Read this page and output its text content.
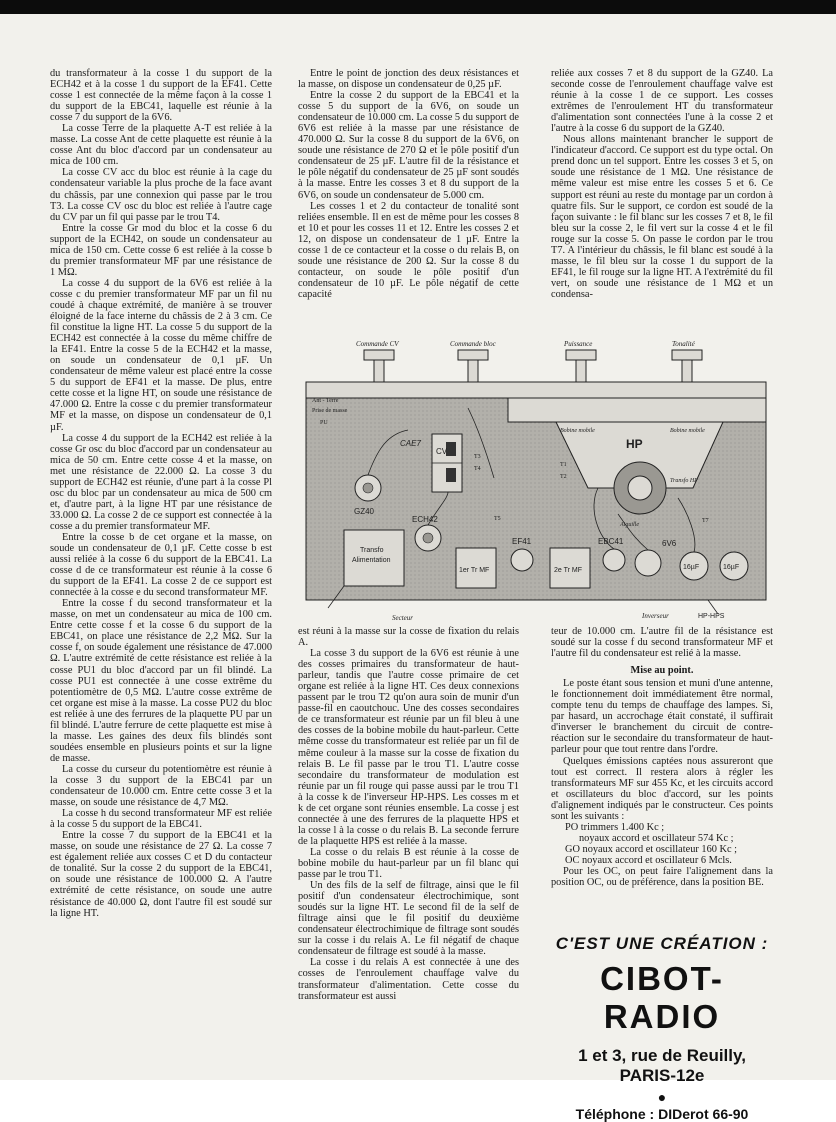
du transformateur à la cosse 1 du support de la ECH42 et à la cosse 1 du support de la EF41. Cette cosse 1 est connectée de la même façon à la cosse 1 du support de la EBC41, laquelle est réunie à la cosse 7 du support de la 6V6.

La cosse Terre de la plaquette A-T est reliée à la masse. La cosse Ant de cette plaquette est réunie à la cosse Ant du bloc d'accord par un condensateur au mica de 100 cm.

La cosse CV acc du bloc est réunie à la cage du condensateur variable la plus proche de la face avant du châssis, par une connexion qui passe par le trou T3. La cosse CV osc du bloc est reliée à l'autre cage du CV par un fil qui passe par le trou T4.

Entre la cosse Gr mod du bloc et la cosse 6 du support de la ECH42, on soude un condensateur au mica de 150 cm. Cette cosse 6 est reliée à la cosse b du premier transformateur MF par une résistance de 1 MΩ.

La cosse 4 du support de la 6V6 est reliée à la cosse c du premier transformateur MF par un fil nu coudé à chaque extrémité, de manière à se trouver éloigné de la face interne du châssis de 2 à 3 cm. Ce fil constitue la ligne HT. La cosse 5 du support de la ECH42 est connectée à la cosse du même chiffre de la EF41. Entre la cosse 5 de la ECH42 et la masse, on soude un condensateur de 0,1 µF. Un condensateur de même valeur est placé entre la cosse 5 du support de EF41 et la masse. De plus, entre cette cosse et la ligne HT, on soude une résistance de 47.000 Ω. Entre la cosse c du premier transformateur MF et la masse, on dispose un condensateur de 0,1 µF.

La cosse 4 du support de la ECH42 est reliée à la cosse Gr osc du bloc d'accord par un condensateur au mica de 50 cm. Entre cette cosse 4 et la masse, on met une résistance de 22.000 Ω. La cosse 3 du support de ECH42 est réunie, d'une part à la cosse Pl osc du bloc par un condensateur au mica de 500 cm et, d'autre part, à la ligne HT par une résistance de 33.000 Ω. La cosse 2 de ce support est connectée à la cosse a du premier transformateur MF.

Entre la cosse b de cet organe et la masse, on soude un condensateur de 0,1 µF. Cette cosse b est aussi reliée à la cosse 6 du support de la EBC41. La cosse d de ce transformateur est réunie à la cosse 6 du support de la EF41. La cosse 2 de ce support est connectée à la cosse e du second transformateur MF.

Entre la cosse f du second transformateur et la masse, on met un condensateur au mica de 100 cm. Entre cette cosse f et la cosse 6 du support de la EBC41, on place une résistance de 2,2 MΩ. Sur la cosse f, on soude également une résistance de 47.000 Ω. L'autre extrémité de cette résistance est reliée à la cosse PU1 du bloc d'accord par un fil blindé. La cosse PU1 est connectée à une cosse extrême du potentiomètre de 0,5 MΩ. L'autre cosse extrême de cet organe est mise à la masse. La cosse PU2 du bloc est reliée à une des ferrures de la plaquette PU par un fil blindé. L'autre ferrure de cette plaquette est mise à la masse. Les gaines des deux fils blindés sont soudées ensemble en plusieurs points et sur la ligne de masse.

La cosse du curseur du potentiomètre est réunie à la cosse 3 du support de la EBC41 par un condensateur de 10.000 cm. Entre cette cosse 3 et la masse, on soude une résistance de 4,7 MΩ.

La cosse h du second transformateur MF est reliée à la cosse 5 du support de la EBC41.

Entre la cosse 7 du support de la EBC41 et la masse, on soude une résistance de 27 Ω. La cosse 7 est également reliée aux cosses C et D du contacteur de tonalité. Sur la cosse 2 du support de la EBC41, on soude une résistance de 100.000 Ω. A l'autre extrémité de cette résistance, on soude une autre résistance de 40.000 Ω, dont l'autre fil est soudé sur la ligne HT.

Entre le point de jonction des deux résistances et la masse, on dispose un condensateur de 0,25 µF.

Entre la cosse 2 du support de la EBC41 et la cosse 5 du support de la 6V6, on soude un condensateur de 10.000 cm. La cosse 5 du support de 6V6 est reliée à la masse par une résistance de 470.000 Ω. Sur la cosse 8 du support de la 6V6, on soude une résistance de 270 Ω et le pôle positif d'un condensateur de 25 µF. L'autre fil de la résistance et le pôle négatif du condensateur de 25 µF sont soudés à la masse. Entre les cosses 3 et 8 du support de la 6V6, on soude un condensateur de 5.000 cm.

Les cosses 1 et 2 du contacteur de tonalité sont reliées ensemble. Il en est de même pour les cosses 8 et 10 et pour les cosses 11 et 12. Entre les cosses 2 et 12, on dispose un condensateur de 1 µF. Entre la cosse 1 de ce contacteur et la cosse o du relais B, on soude une résistance de 200 Ω. Sur la cosse 8 du contacteur, on soude le pôle positif d'un condensateur de 10 µF. Le pôle négatif de cette capacité

reliée aux cosses 7 et 8 du support de la GZ40. La seconde cosse de l'enroulement chauffage valve est réunie à la cosse 1 de ce support. Les cosses extrêmes de l'enroulement HT du transformateur d'alimentation sont connectées l'une à la cosse 2 et l'autre à la cosse 6 du support de la GZ40.

Nous allons maintenant brancher le support de l'indicateur d'accord. Ce support est du type octal. On prend donc un tel support. Entre les cosses 3 et 5, on soude une résistance de 1 MΩ. Une résistance de même valeur est mise entre les cosses 5 et 6. Ce support est réuni au reste du montage par un cordon à quatre fils. Sur le support, ce cordon est soudé de la façon suivante : le fil blanc sur les cosses 7 et 8, le fil bleu sur la cosse 2, le fil vert sur la cosse 4 et le fil rouge sur la cosse 5. On passe le cordon par le trou T7. A l'intérieur du châssis, le fil blanc est soudé à la masse, le fil bleu sur la cosse 1 du support de la EF41, le fil rouge sur la ligne HT. A l'extrémité du fil vert, on soude une résistance de 1 MΩ et un condensa-

Commande CV	Commande bloc	Puissance	Tonalité
HP
Bobine mobile	Bobine mobile
Aiguille
Transfo HP
CV
CAE7
GZ40
ECH42
Transfo
Alimentation
1er Tr MF
EF41
2e Tr MF
EBC41	6V6
16µF	16µF
T3
T4
T1
T2
T7
T5
PU
Ant - Terre
Prise de masse
Secteur	Inverseur	HP-HPS

est réuni à la masse sur la cosse de fixation du relais A.

La cosse 3 du support de la 6V6 est réunie à une des cosses primaires du transformateur de haut-parleur, tandis que l'autre cosse primaire de cet organe est reliée à la ligne HT. Ces deux connexions passent par le trou T2 qu'on aura soin de munir d'un passe-fil en caoutchouc. Une des cosses secondaires de ce transformateur est réunie par un fil bleu à une des cosses de la bobine mobile du haut-parleur. Cette même cosse du transformateur est reliée par un fil de même couleur à la masse sur la cosse de fixation du relais B. Le fil passe par le trou T1. L'autre cosse secondaire du transformateur de modulation est réunie par un fil rouge qui passe aussi par le trou T1 à la cosse k de l'inverseur HP-HPS. Les cosses m et k de cet organe sont réunies ensemble. La cosse j est connectée à une des ferrures de la plaquette HPS et la cosse l à la cosse o du relais B. La seconde ferrure de la plaquette HPS est reliée à la masse.

La cosse o du relais B est réunie à la cosse de bobine mobile du haut-parleur par un fil blanc qui passe par le trou T1.

Un des fils de la self de filtrage, ainsi que le fil positif d'un condensateur électrochimique, sont soudés sur la ligne HT. Le second fil de la self de filtrage ainsi que le fil positif du deuxième condensateur électrochimique de filtrage sont soudés sur la cosse i du relais A. Le fil négatif de chaque condensateur de filtrage est soudé à la masse.

La cosse i du relais A est connectée à une des cosses de l'enroulement chauffage valve du transformateur d'alimentation. Cette cosse du transformateur est aussi

teur de 10.000 cm. L'autre fil de la résistance est soudé sur la cosse f du second transformateur MF et l'autre fil du condensateur est relié à la masse.

Mise au point.

Le poste étant sous tension et muni d'une antenne, le fonctionnement doit immédiatement être normal, compte tenu du temps de chauffage des lampes. Si, par hasard, un accrochage était constaté, il suffirait d'inverser le branchement du circuit de contre-réaction sur le secondaire du transformateur de haut-parleur pour que tout rentre dans l'ordre.

Quelques émissions captées nous assureront que tout est correct. Il restera alors à régler les transformateurs MF sur 455 Kc, et les circuits accord et oscillateurs du bloc d'accord, sur les points d'alignement indiqués par le constructeur. Ces points sont les suivants :

PO trimmers 1.400 Kc ;

noyaux accord et oscillateur 574 Kc ;

GO noyaux accord et oscillateur 160 Kc ;

OC noyaux accord et oscillateur 6 Mcls.

Pour les OC, on peut faire l'alignement dans la position OC, ou de préférence, dans la position BE.

C'EST UNE CRÉATION :
CIBOT-RADIO
1 et 3, rue de Reuilly, PARIS-12e
●
Téléphone : DIDerot 66-90
